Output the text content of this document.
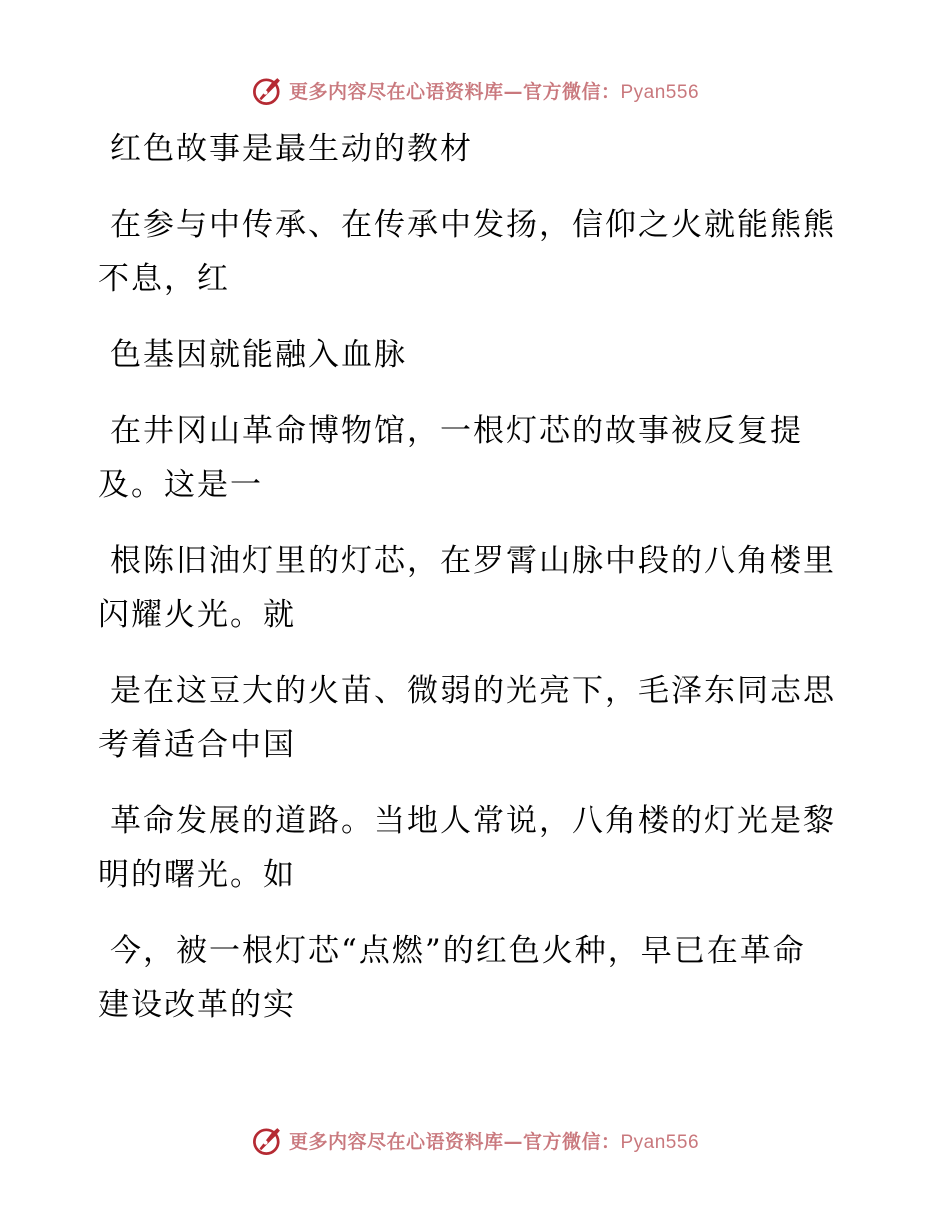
更多内容尽在心语资料库—官方微信：Pyan556

红色故事是最生动的教材

在参与中传承、在传承中发扬，信仰之火就能熊熊不息，红

色基因就能融入血脉

在井冈山革命博物馆，一根灯芯的故事被反复提及。这是一

根陈旧油灯里的灯芯，在罗霄山脉中段的八角楼里闪耀火光。就

是在这豆大的火苗、微弱的光亮下，毛泽东同志思考着适合中国

革命发展的道路。当地人常说，八角楼的灯光是黎明的曙光。如

今，被一根灯芯“点燃”的红色火种，早已在革命建设改革的实

更多内容尽在心语资料库—官方微信：Pyan556
